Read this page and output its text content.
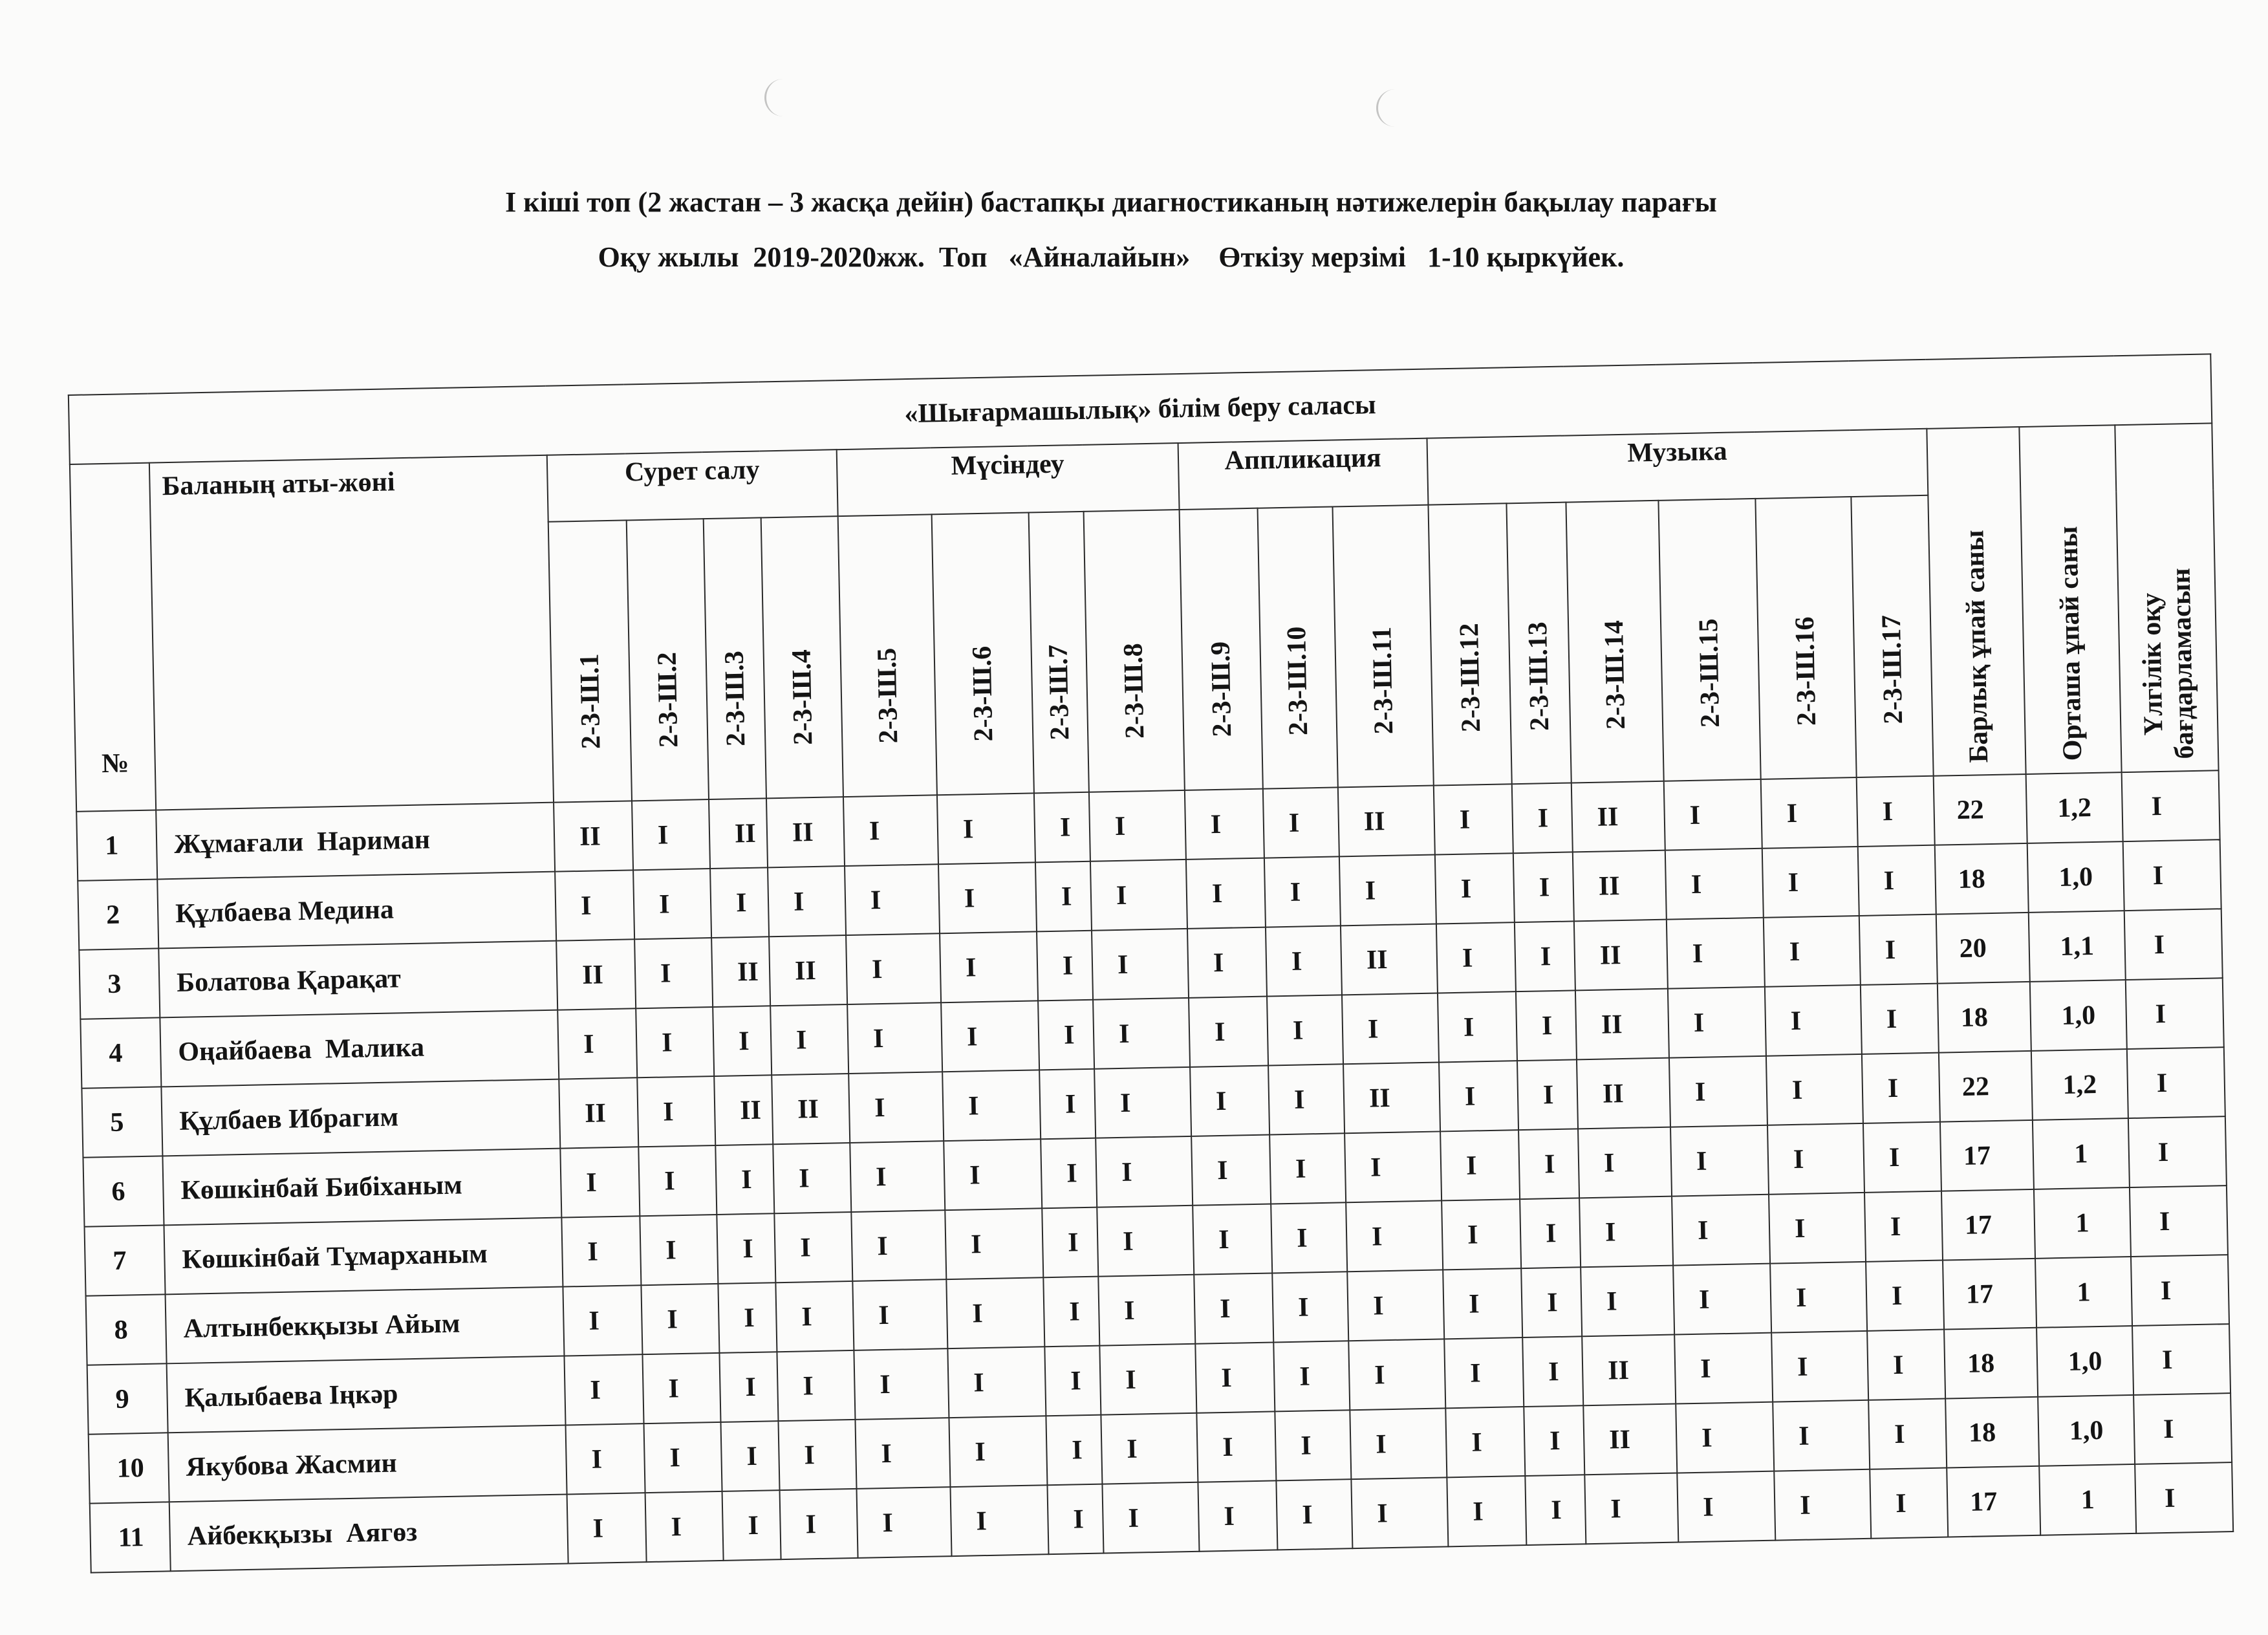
І кіші топ (2 жастан – 3 жасқа дейін) бастапқы диагностиканың нәтижелерін бақылау парағы
Оқу жылы  2019-2020жж.  Топ   «Айналайын»    Өткізу мерзімі   1-10 қыркүйек.
«Шығармашылық» білім беру саласы																					
№	Баланың аты-жөні	Сурет салу				Мүсіндеу				Аппликация			Музыка						Барлық ұпай саны	Орташа ұпай саны	Үлгілік оқу
бағдарламасын

		2-3-Ш.1	2-3-Ш.2	2-3-Ш.3	2-3-Ш.4	2-3-Ш.5	2-3-Ш.6	2-3-Ш.7	2-3-Ш.8	2-3-Ш.9	2-3-Ш.10	2-3-Ш.11	2-3-Ш.12	2-3-Ш.13	2-3-Ш.14	2-3-Ш.15	2-3-Ш.16	2-3-Ш.17			
1	Жұмағали  Нариман	II	I	II	II	I	I	I	I	I	I	II	I	I	II	I	I	I	22	1,2	I
2	Құлбаева Медина	I	I	I	I	I	I	I	I	I	I	I	I	I	II	I	I	I	18	1,0	I
3	Болатова Қарақат	II	I	II	II	I	I	I	I	I	I	II	I	I	II	I	I	I	20	1,1	I
4	Оңайбаева  Малика	I	I	I	I	I	I	I	I	I	I	I	I	I	II	I	I	I	18	1,0	I
5	Құлбаев Ибрагим	II	I	II	II	I	I	I	I	I	I	II	I	I	II	I	I	I	22	1,2	I
6	Көшкінбай Бибіханым	I	I	I	I	I	I	I	I	I	I	I	I	I	I	I	I	I	17	1	I
7	Көшкінбай Тұмарханым	I	I	I	I	I	I	I	I	I	I	I	I	I	I	I	I	I	17	1	I
8	Алтынбекқызы Айым	I	I	I	I	I	I	I	I	I	I	I	I	I	I	I	I	I	17	1	I
9	Қалыбаева Іңкәр	I	I	I	I	I	I	I	I	I	I	I	I	I	II	I	I	I	18	1,0	I
10	Якубова Жасмин	I	I	I	I	I	I	I	I	I	I	I	I	I	II	I	I	I	18	1,0	I
11	Айбекқызы  Аягөз	I	I	I	I	I	I	I	I	I	I	I	I	I	I	I	I	I	17	1	I
